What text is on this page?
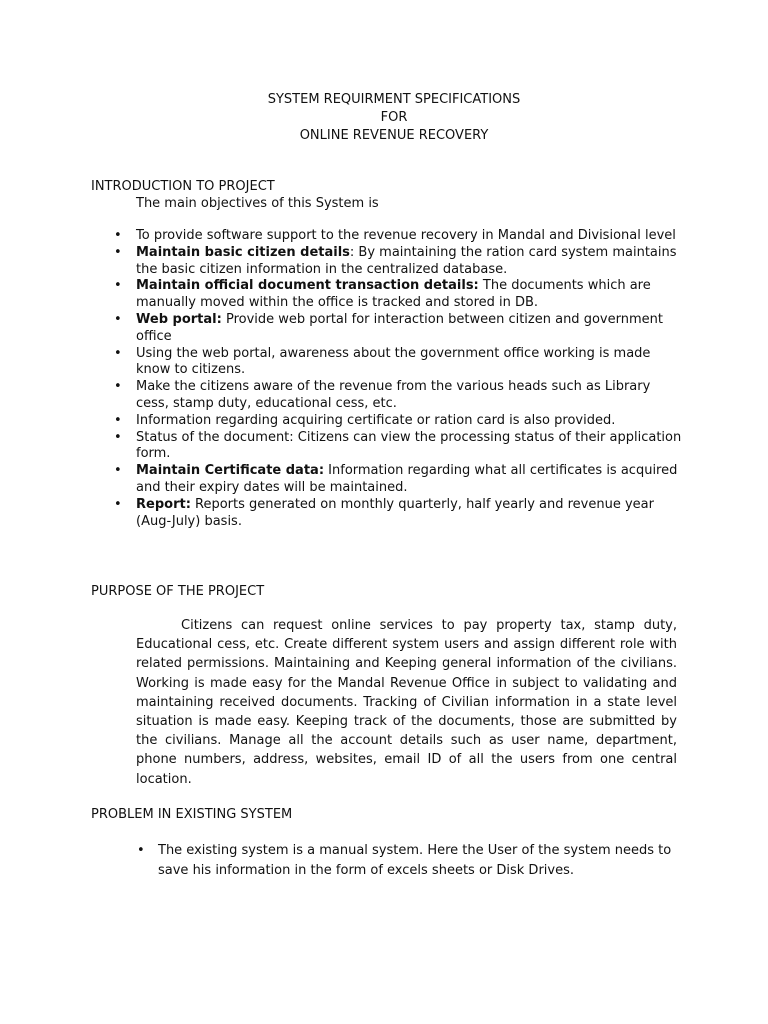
SYSTEM REQUIRMENT SPECIFICATIONS
FOR
ONLINE REVENUE RECOVERY
INTRODUCTION TO PROJECT
The main objectives of this System is
• To provide software support to the revenue recovery in Mandal and Divisional level
• Maintain basic citizen details: By maintaining the ration card system maintains the basic citizen information in the centralized database.
• Maintain official document transaction details: The documents which are manually moved within the office is tracked and stored in DB.
• Web portal: Provide web portal for interaction between citizen and government office
• Using the web portal, awareness about the government office working is made know to citizens.
• Make the citizens aware of the revenue from the various heads such as Library cess, stamp duty, educational cess, etc.
• Information regarding acquiring certificate or ration card is also provided.
• Status of the document: Citizens can view the processing status of their application form.
• Maintain Certificate data: Information regarding what all certificates is acquired and their expiry dates will be maintained.
• Report: Reports generated on monthly quarterly, half yearly and revenue year (Aug-July) basis.
PURPOSE OF THE PROJECT
Citizens can request online services to pay property tax, stamp duty, Educational cess, etc. Create different system users and assign different role with related permissions. Maintaining and Keeping general information of the civilians. Working is made easy for the Mandal Revenue Office in subject to validating and maintaining received documents. Tracking of Civilian information in a state level situation is made easy. Keeping track of the documents, those are submitted by the civilians. Manage all the account details such as user name, department, phone numbers, address, websites, email ID of all the users from one central location.
PROBLEM IN EXISTING SYSTEM
• The existing system is a manual system. Here the User of the system needs to save his information in the form of excels sheets or Disk Drives.
